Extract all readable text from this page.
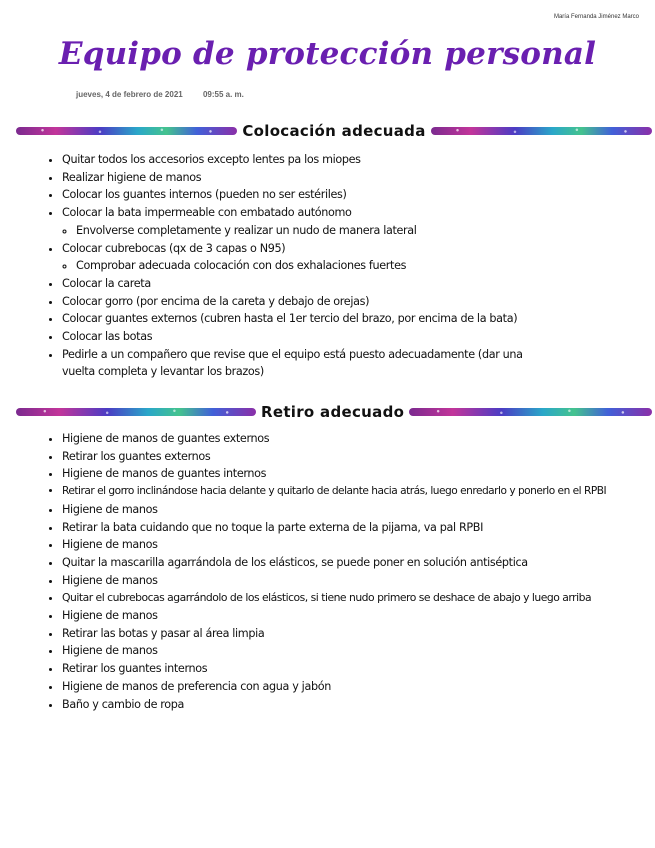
María Fernanda Jiménez Marco
Equipo de protección personal
jueves, 4 de febrero de 2021	09:55 a. m.
Colocación adecuada
• Quitar todos los accesorios excepto lentes pa los miopes
• Realizar higiene de manos
• Colocar los guantes internos (pueden no ser estériles)
• Colocar la bata impermeable con embatado autónomo
◦ Envolverse completamente y realizar un nudo de manera lateral
• Colocar cubrebocas (qx de 3 capas o N95)
◦ Comprobar adecuada colocación con dos exhalaciones fuertes
• Colocar la careta
• Colocar gorro (por encima de la careta y debajo de orejas)
• Colocar guantes externos (cubren hasta el 1er tercio del brazo, por encima de la bata)
• Colocar las botas
• Pedirle a un compañero que revise que el equipo está puesto adecuadamente (dar una vuelta completa y levantar los brazos)
Retiro adecuado
• Higiene de manos de guantes externos
• Retirar los guantes externos
• Higiene de manos de guantes internos
• Retirar el gorro inclinándose hacia delante y quitarlo de delante hacia atrás, luego enredarlo y ponerlo en el RPBI
• Higiene de manos
• Retirar la bata cuidando que no toque la parte externa de la pijama, va pal RPBI
• Higiene de manos
• Quitar la mascarilla agarrándola de los elásticos, se puede poner en solución antiséptica
• Higiene de manos
• Quitar el cubrebocas agarrándolo de los elásticos, si tiene nudo primero se deshace de abajo y luego arriba
• Higiene de manos
• Retirar las botas y pasar al área limpia
• Higiene de manos
• Retirar los guantes internos
• Higiene de manos de preferencia con agua y jabón
• Baño y cambio de ropa
